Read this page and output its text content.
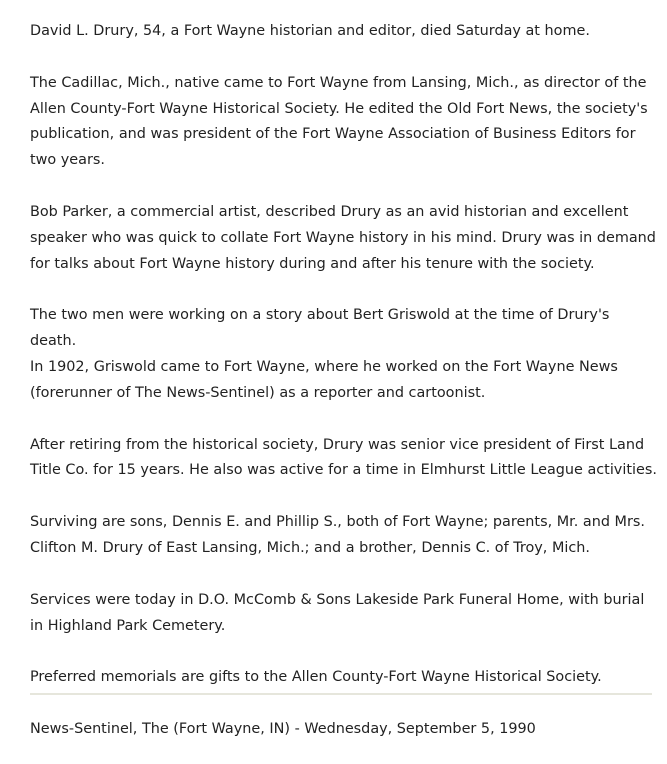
David L. Drury, 54, a Fort Wayne historian and editor, died Saturday at home.

The Cadillac, Mich., native came to Fort Wayne from Lansing, Mich., as director of the
Allen County-Fort Wayne Historical Society. He edited the Old Fort News, the society's
publication, and was president of the Fort Wayne Association of Business Editors for
two years.

Bob Parker, a commercial artist, described Drury as an avid historian and excellent
speaker who was quick to collate Fort Wayne history in his mind. Drury was in demand
for talks about Fort Wayne history during and after his tenure with the society.

The two men were working on a story about Bert Griswold at the time of Drury's death.
In 1902, Griswold came to Fort Wayne, where he worked on the Fort Wayne News
(forerunner of The News-Sentinel) as a reporter and cartoonist.

After retiring from the historical society, Drury was senior vice president of First Land
Title Co. for 15 years. He also was active for a time in Elmhurst Little League activities.

Surviving are sons, Dennis E. and Phillip S., both of Fort Wayne; parents, Mr. and Mrs.
Clifton M. Drury of East Lansing, Mich.; and a brother, Dennis C. of Troy, Mich.

Services were today in D.O. McComb & Sons Lakeside Park Funeral Home, with burial
in Highland Park Cemetery.

Preferred memorials are gifts to the Allen County-Fort Wayne Historical Society.

News-Sentinel, The (Fort Wayne, IN) - Wednesday, September 5, 1990
